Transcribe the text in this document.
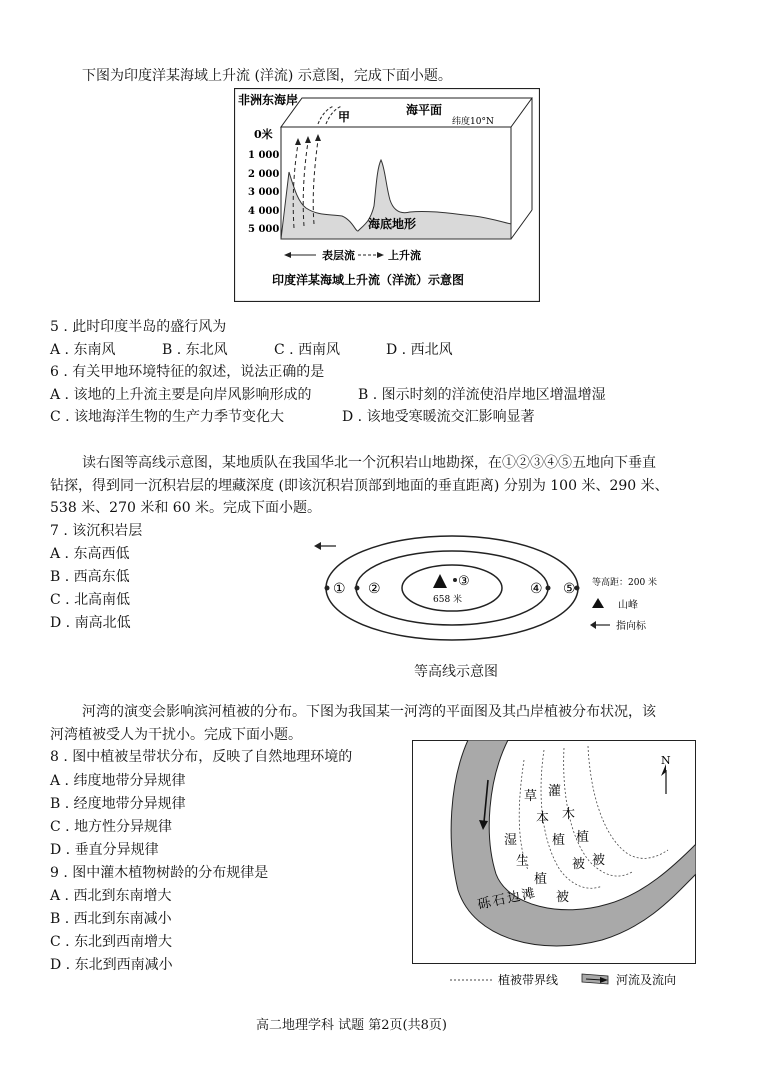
下图为印度洋某海域上升流 (洋流) 示意图，完成下面小题。
非洲东海岸
甲	海平面
纬度10°N
0米
1 000
2 000
3 000
4 000
5 000	海底地形
表层流	上升流
印度洋某海域上升流（洋流）示意图
5 . 此时印度半岛的盛行风为
A . 东南风	B . 东北风	C . 西南风	D . 西北风
6 . 有关甲地环境特征的叙述，说法正确的是
A . 该地的上升流主要是向岸风影响形成的	B . 图示时刻的洋流使沿岸地区增温增湿
C . 该地海洋生物的生产力季节变化大	D . 该地受寒暖流交汇影响显著
读右图等高线示意图，某地质队在我国华北一个沉积岩山地勘探，在①②③④⑤五地向下垂直
钻探，得到同一沉积岩层的埋藏深度 (即该沉积岩顶部到地面的垂直距离) 分别为 100 米、290 米、
538 米、270 米和 60 米。完成下面小题。
7 . 该沉积岩层
A . 东高西低
B . 西高东低
C . 北高南低
D . 南高北低
① ②	③	④ ⑤
658 米
等高距：200 米
山峰
指向标
等高线示意图
河湾的演变会影响滨河植被的分布。下图为我国某一河湾的平面图及其凸岸植被分布状况，该
河湾植被受人为干扰小。完成下面小题。
8 . 图中植被呈带状分布，反映了自然地理环境的
A . 纬度地带分异规律
B . 经度地带分异规律
C . 地方性分异规律
D . 垂直分异规律
9 . 图中灌木植物树龄的分布规律是
A . 西北到东南增大
B . 西北到东南减小
C . 东北到西南增大
D . 东北到西南减小
N
灌
木
植
被
草
本
植
被
湿
生
植
被
砾石边滩
植被带界线	河流及流向
高二地理学科 试题 第2页(共8页)
